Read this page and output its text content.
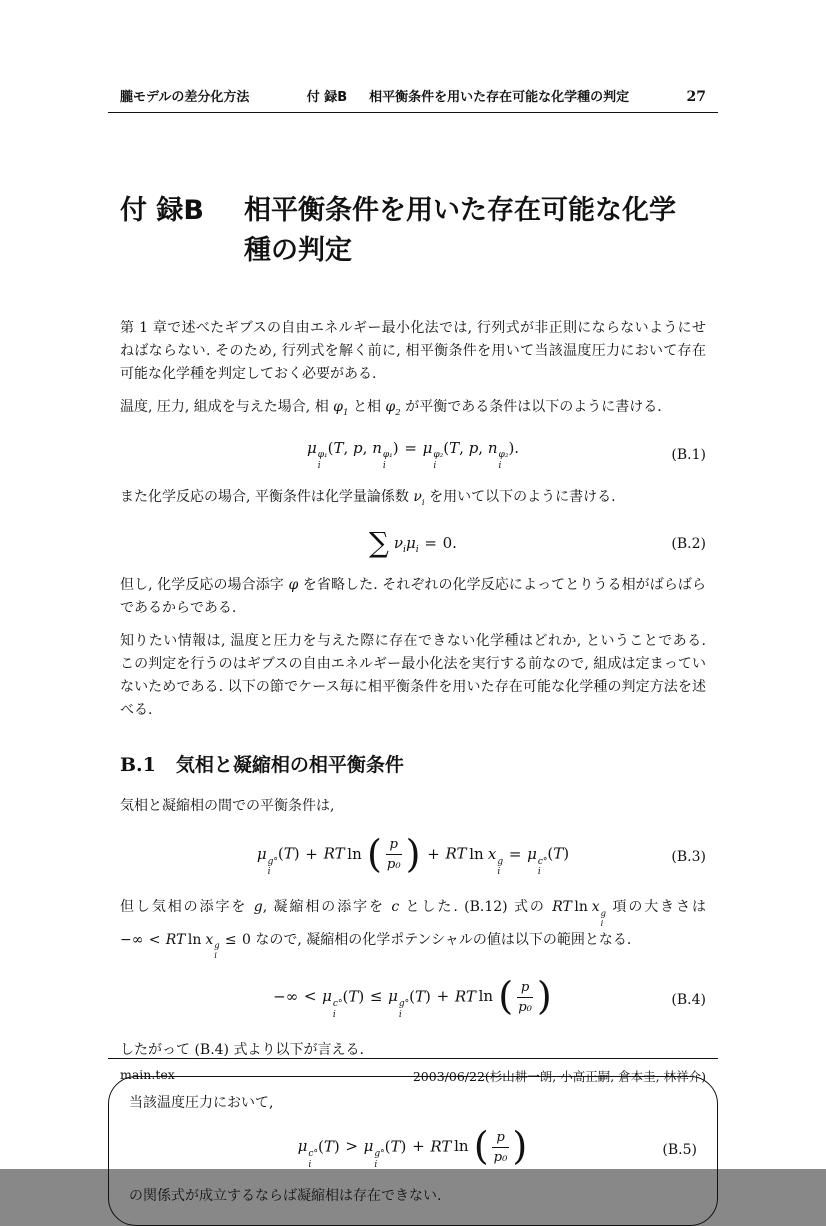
朧モデルの差分化方法	付 録B 相平衡条件を用いた存在可能な化学種の判定	27
付 録B 相平衡条件を用いた存在可能な化学
種の判定

第 1 章で述べたギブスの自由エネルギー最小化法では, 行列式が非正則にならないようにせねばならない. そのため, 行列式を解く前に, 相平衡条件を用いて当該温度圧力において存在可能な化学種を判定しておく必要がある.

温度, 圧力, 組成を与えた場合, 相 $\varphi_1$ と相 $\varphi_2$ が平衡である条件は以下のように書ける.

μ φ₁
i
(T, p, n φ₁
i
) = μ φ₂
i
(T, p, n φ₂
i
).	(B.1)

また化学反応の場合, 平衡条件は化学量論係数 $\nu_i$ を用いて以下のように書ける.

∑ $\nu_i\mu_i = 0$.	(B.2)

但し, 化学反応の場合添字 φ を省略した. それぞれの化学反応によってとりうる相がばらばらであるからである.

知りたい情報は, 温度と圧力を与えた際に存在できない化学種はどれか, ということである. この判定を行うのはギブスの自由エネルギー最小化法を実行する前なので, 組成は定まっていないためである. 以下の節でケース毎に相平衡条件を用いた存在可能な化学種の判定方法を述べる.

B.1 気相と凝縮相の相平衡条件

気相と凝縮相の間での平衡条件は,

μ g°
i
(T) + RT ln ( $\frac{p}{\text{p₀}}$ ) + RT ln x g
i
= μ c°
i
(T)	(B.3)

但し気相の添字を g, 凝縮相の添字を c とした. (B.12) 式の RT ln x g
i
項の大きさは −∞ < RT ln x g
i
≤ 0 なので, 凝縮相の化学ポテンシャルの値は以下の範囲となる.

−∞ < μ c°
i
(T) ≤ μ g°
i
(T) + RT ln ( $\frac{p}{\text{p₀}}$ )	(B.4)

したがって (B.4) 式より以下が言える.

当該温度圧力において,

μ c°
i
(T) > μ g°
i
(T) + RT ln ( $\frac{p}{\text{p₀}}$ )	(B.5)

の関係式が成立するならば凝縮相は存在できない.

main.tex	2003/06/22(杉山耕一朗, 小高正嗣, 倉本圭, 林祥介)
